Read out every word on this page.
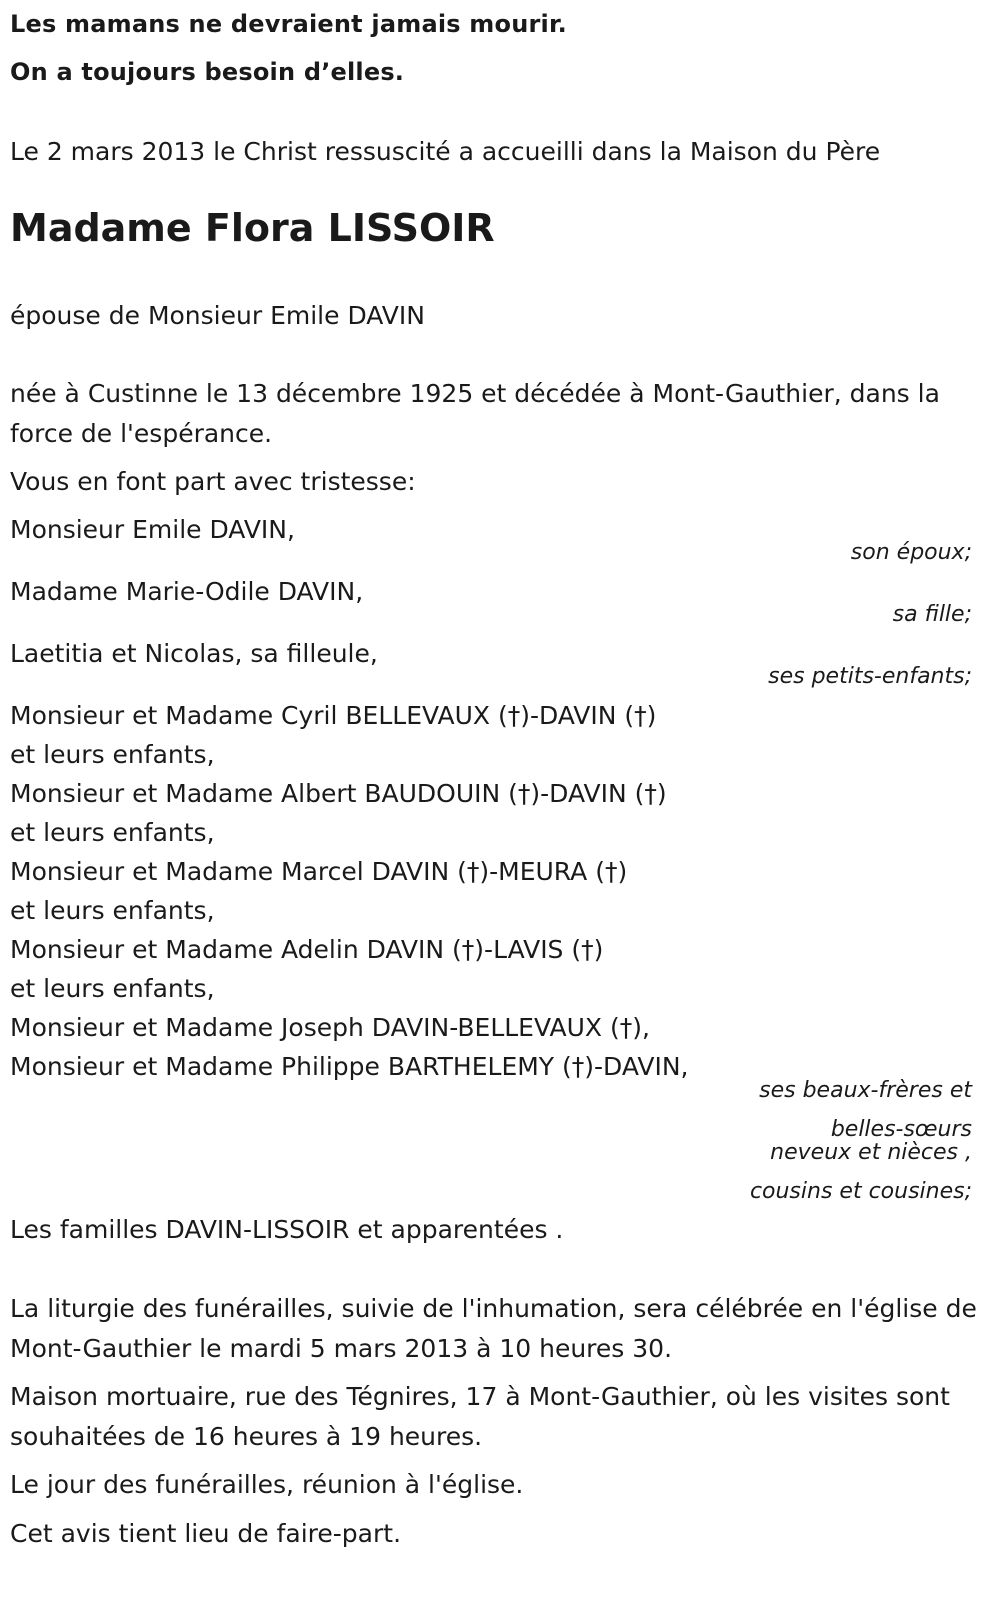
Les mamans ne devraient jamais mourir.
On a toujours besoin d’elles.
Le 2 mars 2013 le Christ ressuscité a accueilli dans la Maison du Père
Madame Flora LISSOIR
épouse de Monsieur Emile DAVIN
née à Custinne le 13 décembre 1925 et décédée à Mont-Gauthier, dans la force de l'espérance.
Vous en font part avec tristesse:
Monsieur Emile DAVIN,
son époux;
Madame Marie-Odile DAVIN,
sa fille;
Laetitia et Nicolas, sa filleule,
ses petits-enfants;
Monsieur et Madame Cyril BELLEVAUX (†)-DAVIN (†)
et leurs enfants,
Monsieur et Madame Albert BAUDOUIN (†)-DAVIN (†)
et leurs enfants,
Monsieur et Madame Marcel DAVIN (†)-MEURA (†)
et leurs enfants,
Monsieur et Madame Adelin DAVIN (†)-LAVIS (†)
et leurs enfants,
Monsieur et Madame Joseph DAVIN-BELLEVAUX (†),
Monsieur et Madame Philippe BARTHELEMY (†)-DAVIN,
ses beaux-frères et
belles-sœurs
neveux et nièces ,
cousins et cousines;
Les familles DAVIN-LISSOIR et apparentées .
La liturgie des funérailles, suivie de l'inhumation, sera célébrée en l'église de Mont-Gauthier le mardi 5 mars 2013 à 10 heures 30.
Maison mortuaire, rue des Tégnires, 17 à Mont-Gauthier, où les visites sont souhaitées de 16 heures à 19 heures.
Le jour des funérailles, réunion à l'église.
Cet avis tient lieu de faire-part.
